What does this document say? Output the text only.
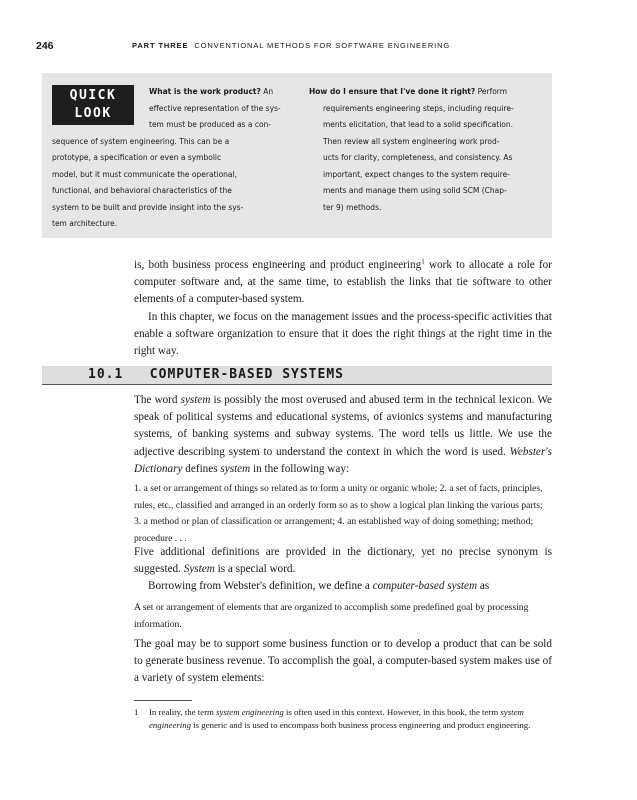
246	PART THREE CONVENTIONAL METHODS FOR SOFTWARE ENGINEERING
What is the work product? An
effective representation of the sys-
tem must be produced as a con-
sequence of system engineering. This can be a
prototype, a specification or even a symbolic
model, but it must communicate the operational,
functional, and behavioral characteristics of the
system to be built and provide insight into the sys-
tem architecture.
QUICK
LOOK
How do I ensure that I've done it right? Perform
requirements engineering steps, including require-
ments elicitation, that lead to a solid specification.
Then review all system engineering work prod-
ucts for clarity, completeness, and consistency. As
important, expect changes to the system require-
ments and manage them using solid SCM (Chap-
ter 9) methods.
is, both business process engineering and product engineering$^1$ work to allocate a role for computer software and, at the same time, to establish the links that tie software to other elements of a computer-based system.
In this chapter, we focus on the management issues and the process-specific activities that enable a software organization to ensure that it does the right things at the right time in the right way.
10.1 COMPUTER-BASED SYSTEMS
The word system is possibly the most overused and abused term in the technical lexicon. We speak of political systems and educational systems, of avionics systems and manufacturing systems, of banking systems and subway systems. The word tells us little. We use the adjective describing system to understand the context in which the word is used. Webster's Dictionary defines system in the following way:
1. a set or arrangement of things so related as to form a unity or organic whole; 2. a set of facts, principles, rules, etc., classified and arranged in an orderly form so as to show a logical plan linking the various parts; 3. a method or plan of classification or arrangement; 4. an established way of doing something; method; procedure . . .
Five additional definitions are provided in the dictionary, yet no precise synonym is suggested. System is a special word.
Borrowing from Webster's definition, we define a computer-based system as
A set or arrangement of elements that are organized to accomplish some predefined goal by processing information.
The goal may be to support some business function or to develop a product that can be sold to generate business revenue. To accomplish the goal, a computer-based system makes use of a variety of system elements:
1	In reality, the term system engineering is often used in this context. However, in this book, the term system engineering is generic and is used to encompass both business process engineering and product engineering.
